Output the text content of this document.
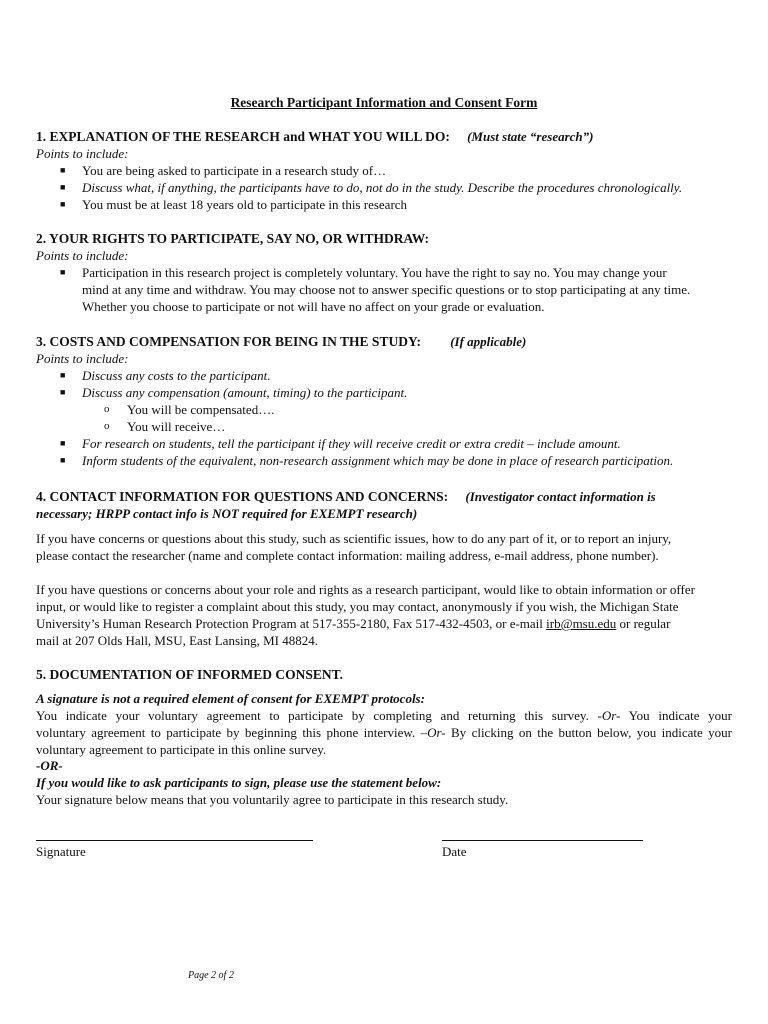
Research Participant Information and Consent Form
1. EXPLANATION OF THE RESEARCH and WHAT YOU WILL DO: (Must state “research”)
Points to include:
■ You are being asked to participate in a research study of…
■ Discuss what, if anything, the participants have to do, not do in the study. Describe the procedures chronologically.
■ You must be at least 18 years old to participate in this research
2. YOUR RIGHTS TO PARTICIPATE, SAY NO, OR WITHDRAW:
Points to include:
■ Participation in this research project is completely voluntary. You have the right to say no. You may change your
mind at any time and withdraw. You may choose not to answer specific questions or to stop participating at any time.
Whether you choose to participate or not will have no affect on your grade or evaluation.
3. COSTS AND COMPENSATION FOR BEING IN THE STUDY: (If applicable)
Points to include:
■ Discuss any costs to the participant.
■ Discuss any compensation (amount, timing) to the participant.
o You will be compensated….
o You will receive…
■ For research on students, tell the participant if they will receive credit or extra credit – include amount.
■ Inform students of the equivalent, non-research assignment which may be done in place of research participation.
4. CONTACT INFORMATION FOR QUESTIONS AND CONCERNS: (Investigator contact information is
necessary; HRPP contact info is NOT required for EXEMPT research)
If you have concerns or questions about this study, such as scientific issues, how to do any part of it, or to report an injury,
please contact the researcher (name and complete contact information: mailing address, e-mail address, phone number).
If you have questions or concerns about your role and rights as a research participant, would like to obtain information or offer
input, or would like to register a complaint about this study, you may contact, anonymously if you wish, the Michigan State
University’s Human Research Protection Program at 517-355-2180, Fax 517-432-4503, or e-mail irb@msu.edu or regular
mail at 207 Olds Hall, MSU, East Lansing, MI 48824.
5. DOCUMENTATION OF INFORMED CONSENT.
A signature is not a required element of consent for EXEMPT protocols:
You indicate your voluntary agreement to participate by completing and returning this survey. -Or- You indicate your
voluntary agreement to participate by beginning this phone interview. –Or- By clicking on the button below, you indicate your
voluntary agreement to participate in this online survey.
-OR-
If you would like to ask participants to sign, please use the statement below:
Your signature below means that you voluntarily agree to participate in this research study.
Signature	Date
Page 2 of 2
